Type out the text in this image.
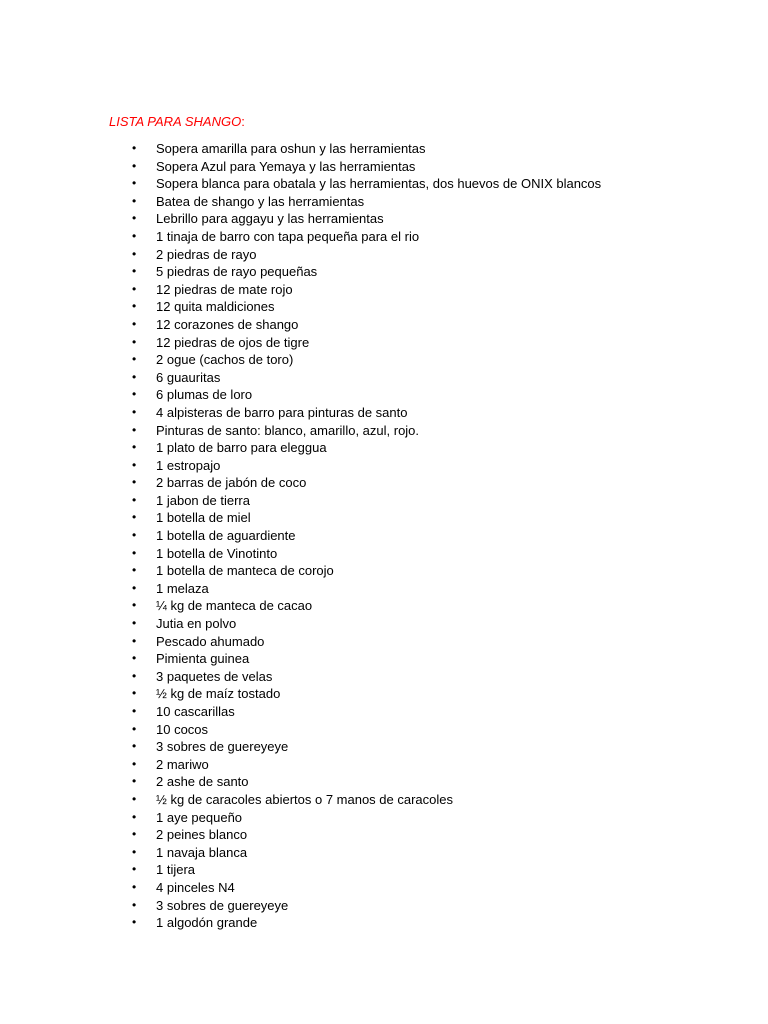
LISTA PARA SHANGO:
• Sopera amarilla para oshun y las herramientas
• Sopera Azul para Yemaya y las herramientas
• Sopera blanca para obatala y las herramientas, dos huevos de ONIX blancos
• Batea de shango y las herramientas
• Lebrillo para aggayu y las herramientas
• 1 tinaja de barro con tapa pequeña para el rio
• 2 piedras de rayo
• 5 piedras de rayo pequeñas
• 12 piedras de mate rojo
• 12 quita maldiciones
• 12 corazones de shango
• 12 piedras de ojos de tigre
• 2 ogue (cachos de toro)
• 6 guauritas
• 6 plumas de loro
• 4 alpisteras de barro para pinturas de santo
• Pinturas de santo: blanco, amarillo, azul, rojo.
• 1 plato de barro para eleggua
• 1 estropajo
• 2 barras de jabón de coco
• 1 jabon de tierra
• 1 botella de miel
• 1 botella de aguardiente
• 1 botella de Vinotinto
• 1 botella de manteca de corojo
• 1 melaza
• ¼ kg de manteca de cacao
• Jutia en polvo
• Pescado ahumado
• Pimienta guinea
• 3 paquetes de velas
• ½ kg de maíz tostado
• 10 cascarillas
• 10 cocos
• 3 sobres de guereyeye
• 2 mariwo
• 2 ashe de santo
• ½ kg de caracoles abiertos o 7 manos de caracoles
• 1 aye pequeño
• 2 peines blanco
• 1 navaja blanca
• 1 tijera
• 4 pinceles N4
• 3 sobres de guereyeye
• 1 algodón grande
